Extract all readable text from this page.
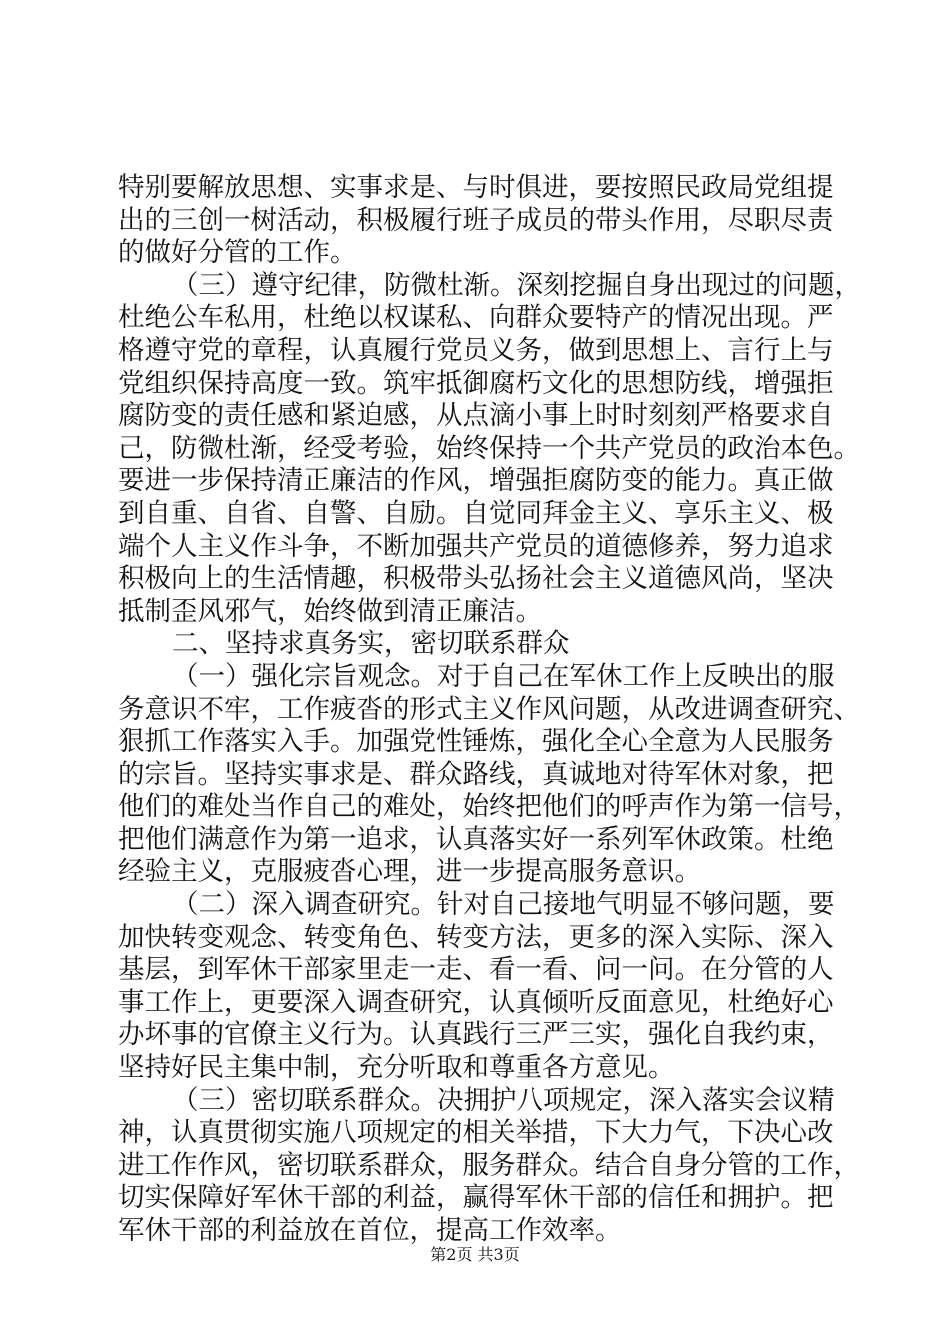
特别要解放思想、实事求是、与时俱进，要按照民政局党组提
出的三创一树活动，积极履行班子成员的带头作用，尽职尽责
的做好分管的工作。
（三）遵守纪律，防微杜渐。深刻挖掘自身出现过的问题，
杜绝公车私用，杜绝以权谋私、向群众要特产的情况出现。严
格遵守党的章程，认真履行党员义务，做到思想上、言行上与
党组织保持高度一致。筑牢抵御腐朽文化的思想防线，增强拒
腐防变的责任感和紧迫感，从点滴小事上时时刻刻严格要求自
己，防微杜渐，经受考验，始终保持一个共产党员的政治本色。
要进一步保持清正廉洁的作风，增强拒腐防变的能力。真正做
到自重、自省、自警、自励。自觉同拜金主义、享乐主义、极
端个人主义作斗争，不断加强共产党员的道德修养，努力追求
积极向上的生活情趣，积极带头弘扬社会主义道德风尚，坚决
抵制歪风邪气，始终做到清正廉洁。
二、坚持求真务实，密切联系群众
（一）强化宗旨观念。对于自己在军休工作上反映出的服
务意识不牢，工作疲沓的形式主义作风问题，从改进调查研究、
狠抓工作落实入手。加强党性锤炼，强化全心全意为人民服务
的宗旨。坚持实事求是、群众路线，真诚地对待军休对象，把
他们的难处当作自己的难处，始终把他们的呼声作为第一信号，
把他们满意作为第一追求，认真落实好一系列军休政策。杜绝
经验主义，克服疲沓心理，进一步提高服务意识。
（二）深入调查研究。针对自己接地气明显不够问题，要
加快转变观念、转变角色、转变方法，更多的深入实际、深入
基层，到军休干部家里走一走、看一看、问一问。在分管的人
事工作上，更要深入调查研究，认真倾听反面意见，杜绝好心
办坏事的官僚主义行为。认真践行三严三实，强化自我约束，
坚持好民主集中制，充分听取和尊重各方意见。
（三）密切联系群众。决拥护八项规定，深入落实会议精
神，认真贯彻实施八项规定的相关举措，下大力气，下决心改
进工作作风，密切联系群众，服务群众。结合自身分管的工作，
切实保障好军休干部的利益，赢得军休干部的信任和拥护。把
军休干部的利益放在首位，提高工作效率。
第2页 共3页
